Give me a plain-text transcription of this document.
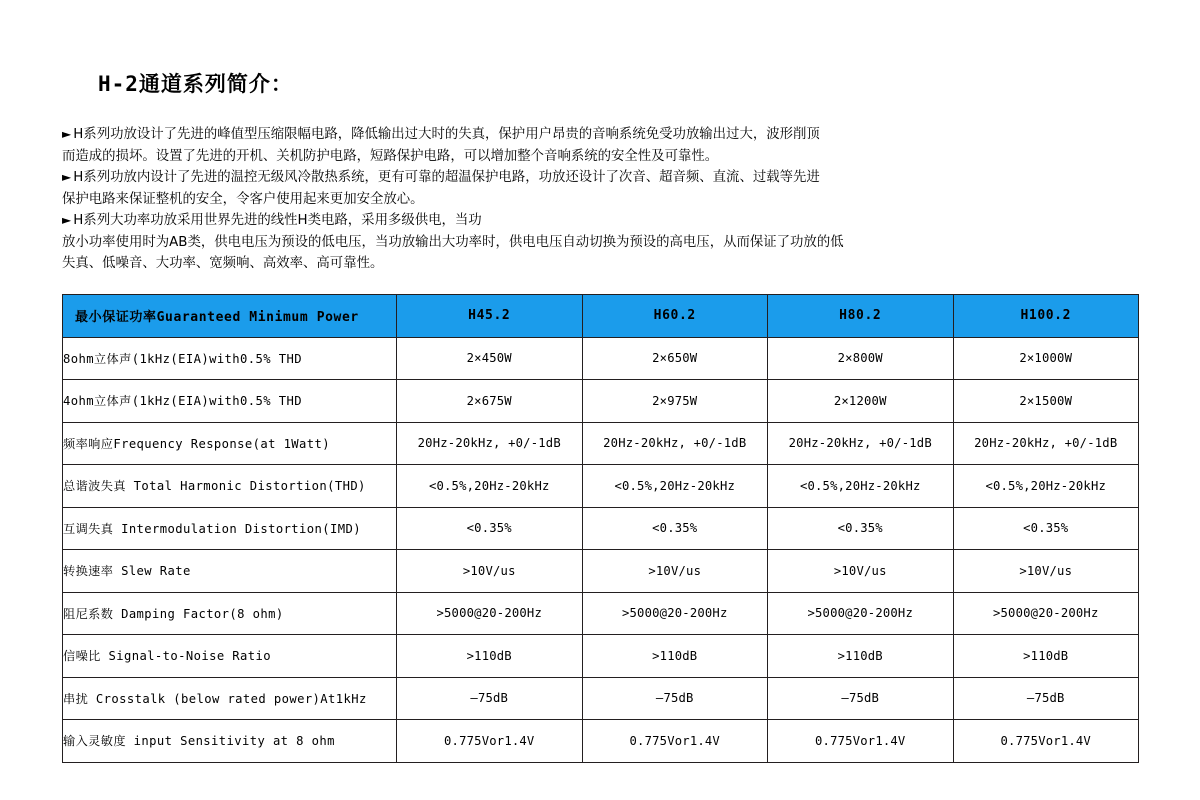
H-2通道系列简介：

► H系列功放设计了先进的峰值型压缩限幅电路，降低输出过大时的失真，保护用户昂贵的音响系统免受功放输出过大，波形削顶
而造成的损坏。设置了先进的开机、关机防护电路，短路保护电路，可以增加整个音响系统的安全性及可靠性。

► H系列功放内设计了先进的温控无级风冷散热系统，更有可靠的超温保护电路，功放还设计了次音、超音频、直流、过载等先进
保护电路来保证整机的安全，令客户使用起来更加安全放心。

► H系列大功率功放采用世界先进的线性H类电路，采用多级供电，当功
放小功率使用时为AB类，供电电压为预设的低电压，当功放输出大功率时，供电电压自动切换为预设的高电压，从而保证了功放的低
失真、低噪音、大功率、宽频响、高效率、高可靠性。

最小保证功率Guaranteed Minimum Power	H45.2	H60.2	H80.2	H100.2
8ohm立体声(1kHz(EIA)with0.5% THD	2×450W	2×650W	2×800W	2×1000W
4ohm立体声(1kHz(EIA)with0.5% THD	2×675W	2×975W	2×1200W	2×1500W
频率响应Frequency Response(at 1Watt)	20Hz-20kHz, +0/-1dB	20Hz-20kHz, +0/-1dB	20Hz-20kHz, +0/-1dB	20Hz-20kHz, +0/-1dB
总谐波失真 Total Harmonic Distortion(THD)	<0.5%,20Hz-20kHz	<0.5%,20Hz-20kHz	<0.5%,20Hz-20kHz	<0.5%,20Hz-20kHz
互调失真 Intermodulation Distortion(IMD)	<0.35%	<0.35%	<0.35%	<0.35%
转换速率 Slew Rate	>10V/us	>10V/us	>10V/us	>10V/us
阻尼系数 Damping Factor(8 ohm)	>5000@20-200Hz	>5000@20-200Hz	>5000@20-200Hz	>5000@20-200Hz
信噪比 Signal-to-Noise Ratio	>110dB	>110dB	>110dB	>110dB
串扰 Crosstalk (below rated power)At1kHz	—75dB	—75dB	—75dB	—75dB
输入灵敏度 input Sensitivity at 8 ohm	0.775Vor1.4V	0.775Vor1.4V	0.775Vor1.4V	0.775Vor1.4V
